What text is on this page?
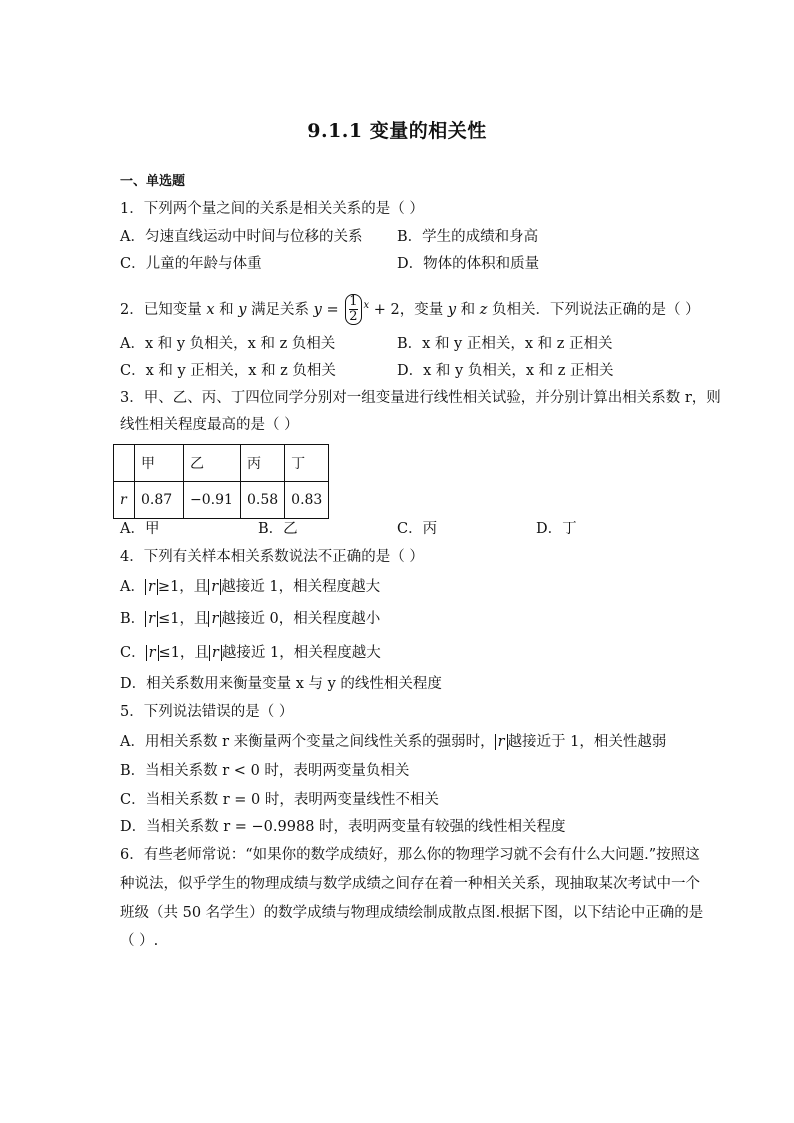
9.1.1 变量的相关性
一、单选题
1．下列两个量之间的关系是相关关系的是（ ）
A．匀速直线运动中时间与位移的关系 B．学生的成绩和身高
C．儿童的年龄与体重	D．物体的体积和质量
2．已知变量 x 和 y 满足关系 $y = \frac{1}{2} ^x + 2$，变量 y 和 z 负相关．下列说法正确的是（ ）
A．x 和 y 负相关，x 和 z 负相关	B．x 和 y 正相关，x 和 z 正相关
C．x 和 y 正相关，x 和 z 负相关	D．x 和 y 负相关，x 和 z 正相关
3．甲、乙、丙、丁四位同学分别对一组变量进行线性相关试验，并分别计算出相关系数 r，则
线性相关程度最高的是（ ）
	甲	乙	丙	丁
r	0.87	−0.91	0.58	0.83
A．甲	B．乙	C．丙	D．丁
4．下列有关样本相关系数说法不正确的是（ ）
A． r ≥1，且 r 越接近 1，相关程度越大
B． r ≤1，且 r 越接近 0，相关程度越小
C． r ≤1，且 r 越接近 1，相关程度越大
D．相关系数用来衡量变量 x 与 y 的线性相关程度
5．下列说法错误的是（ ）
A．用相关系数 r 来衡量两个变量之间线性关系的强弱时， r 越接近于 1，相关性越弱
B．当相关系数 r < 0 时，表明两变量负相关
C．当相关系数 r = 0 时，表明两变量线性不相关
D．当相关系数 r = −0.9988 时，表明两变量有较强的线性相关程度
6．有些老师常说：“如果你的数学成绩好，那么你的物理学习就不会有什么大问题.”按照这
种说法，似乎学生的物理成绩与数学成绩之间存在着一种相关关系，现抽取某次考试中一个
班级（共 50 名学生）的数学成绩与物理成绩绘制成散点图.根据下图，以下结论中正确的是
（ ）.
